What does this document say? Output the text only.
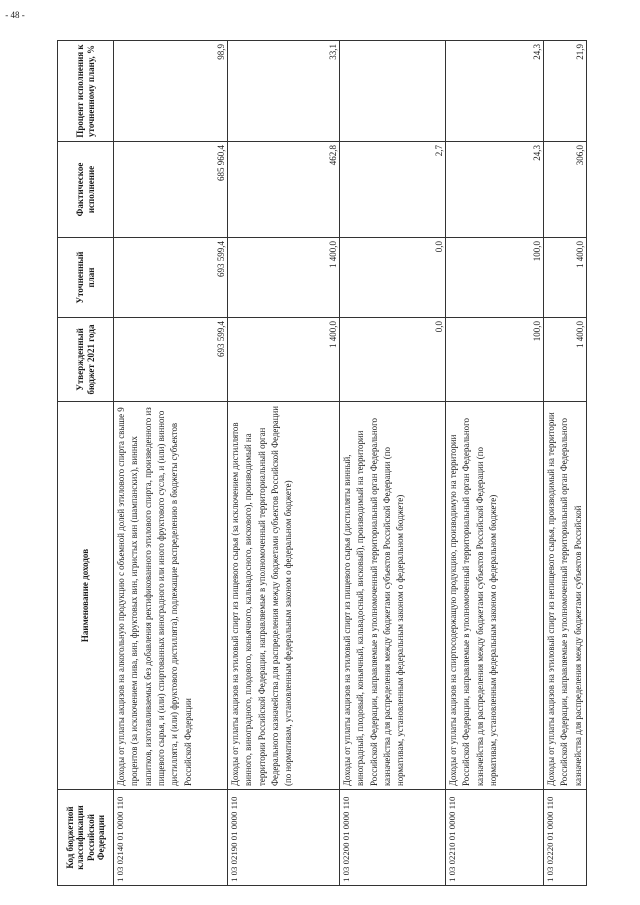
- 48 -
Код бюджетной классификации Российской Федерации	Наименование доходов	Утвержденный бюджет 2021 года	Уточненный план	Фактическое исполнение	Процент исполнения к уточненному плану, %
1 03 02140 01 0000 110	Доходы от уплаты акцизов на алкогольную продукцию с объемной долей этилового спирта свыше 9 процентов (за исключением пива, вин, фруктовых вин, игристых вин (шампанских), винных напитков, изготавливаемых без добавления ректификованного этилового спирта, произведенного из пищевого сырья, и (или) спиртованных виноградного или иного фруктового сусла, и (или) винного дистиллята, и (или) фруктового дистиллята), подлежащие распределению в бюджеты субъектов Российской Федерации	693 599,4	693 599,4	685 960,4	98,9
1 03 02190 01 0000 110	Доходы от уплаты акцизов на этиловый спирт из пищевого сырья (за исключением дистиллятов винного, виноградного, плодового, коньячного, кальвадосного, вискового), производимый на территории Российской Федерации, направляемые в уполномоченный территориальный орган Федерального казначейства для распределения между бюджетами субъектов Российской Федерации (по нормативам, установленным федеральным законом о федеральном бюджете)	1 400,0	1 400,0	462,8	33,1
1 03 02200 01 0000 110	Доходы от уплаты акцизов на этиловый спирт из пищевого сырья (дистилляты винный, виноградный, плодовый, коньячный, кальвадосный, висковый), производимый на территории Российской Федерации, направляемые в уполномоченный территориальный орган Федерального казначейства для распределения между бюджетами субъектов Российской Федерации (по нормативам, установленным федеральным законом о федеральном бюджете)	0,0	0,0	2,7	
1 03 02210 01 0000 110	Доходы от уплаты акцизов на спиртосодержащую продукцию, производимую на территории Российской Федерации, направляемые в уполномоченный территориальный орган Федерального казначейства для распределения между бюджетами субъектов Российской Федерации (по нормативам, установленным федеральным законом о федеральном бюджете)	100,0	100,0	24,3	24,3
1 03 02220 01 0000 110	Доходы от уплаты акцизов на этиловый спирт из непищевого сырья, производимый на территории Российской Федерации, направляемые в уполномоченный территориальный орган Федерального казначейства для распределения между бюджетами субъектов Российской	1 400,0	1 400,0	306,0	21,9
